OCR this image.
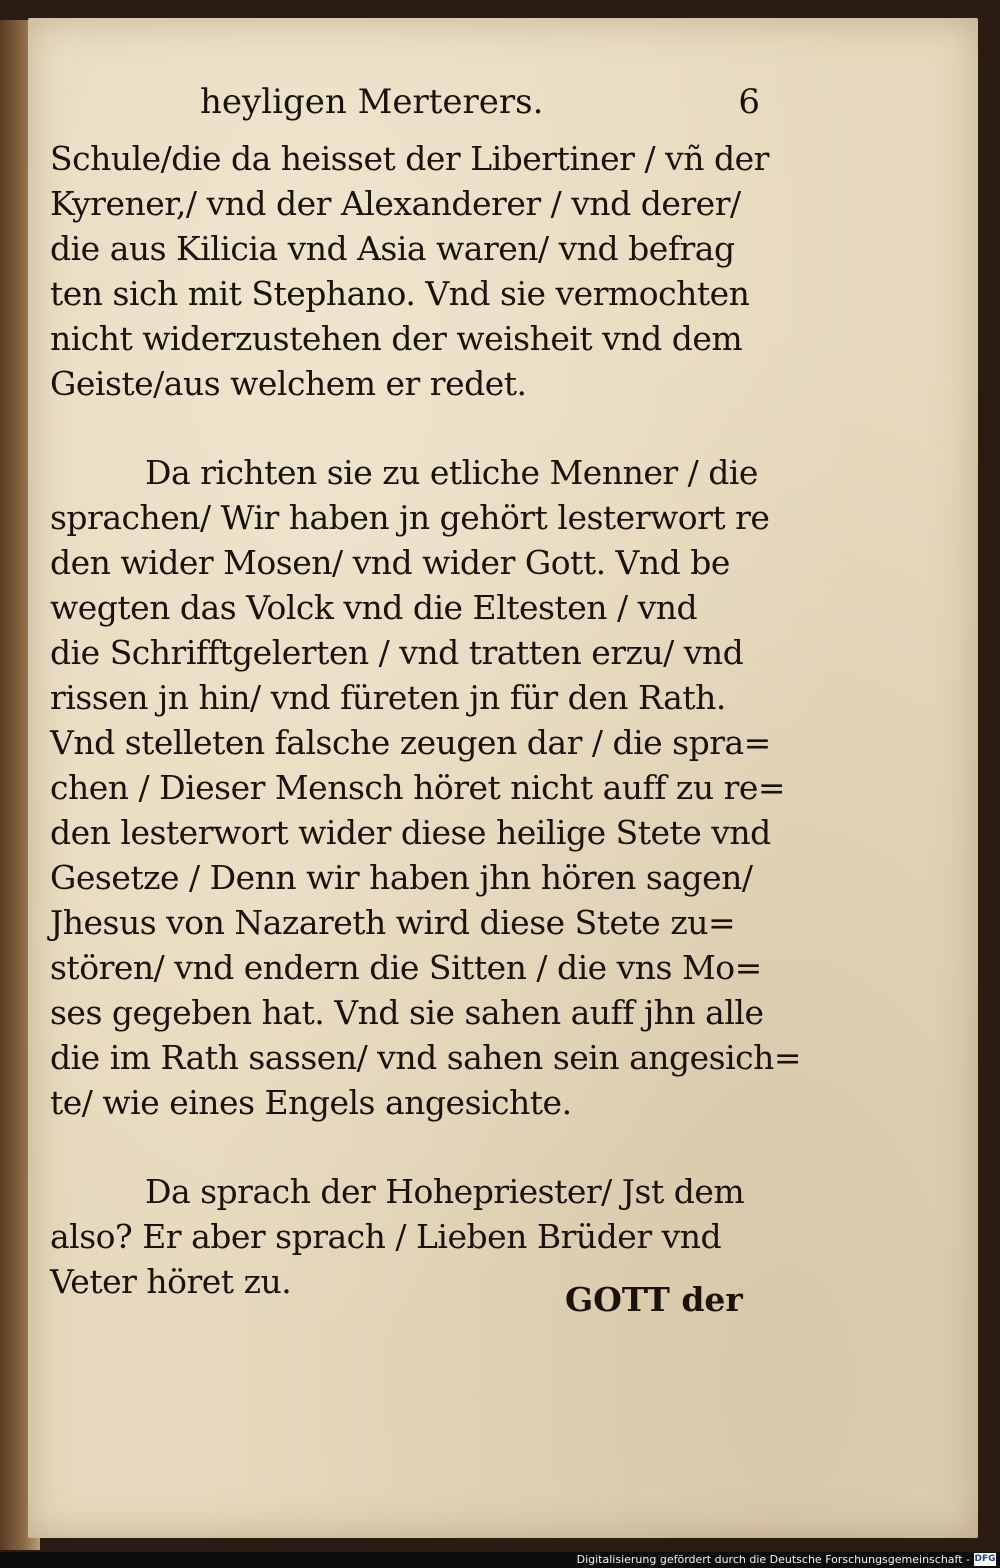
heyligen Merterers.	6
Schule/die da heisset der Libertiner / vñ der
Kyrener,/ vnd der Alexanderer / vnd derer/
die aus Kilicia vnd Asia waren/ vnd befrag
ten sich mit Stephano. Vnd sie vermochten
nicht widerzustehen der weisheit vnd dem
Geiste/aus welchem er redet.
Da richten sie zu etliche Menner / die
sprachen/ Wir haben jn gehört lesterwort re
den wider Mosen/ vnd wider Gott. Vnd be
wegten das Volck vnd die Eltesten / vnd
die Schrifftgelerten / vnd tratten erzu/ vnd
rissen jn hin/ vnd füreten jn für den Rath.
Vnd stelleten falsche zeugen dar / die spra=
chen / Dieser Mensch höret nicht auff zu re=
den lesterwort wider diese heilige Stete vnd
Gesetze / Denn wir haben jhn hören sagen/
Jhesus von Nazareth wird diese Stete zu=
stören/ vnd endern die Sitten / die vns Mo=
ses gegeben hat. Vnd sie sahen auff jhn alle
die im Rath sassen/ vnd sahen sein angesich=
te/ wie eines Engels angesichte.
Da sprach der Hohepriester/ Jst dem
also? Er aber sprach / Lieben Brüder vnd
Veter höret zu.	GOTT der
Digitalisierung gefördert durch die Deutsche Forschungsgemeinschaft - DFG
